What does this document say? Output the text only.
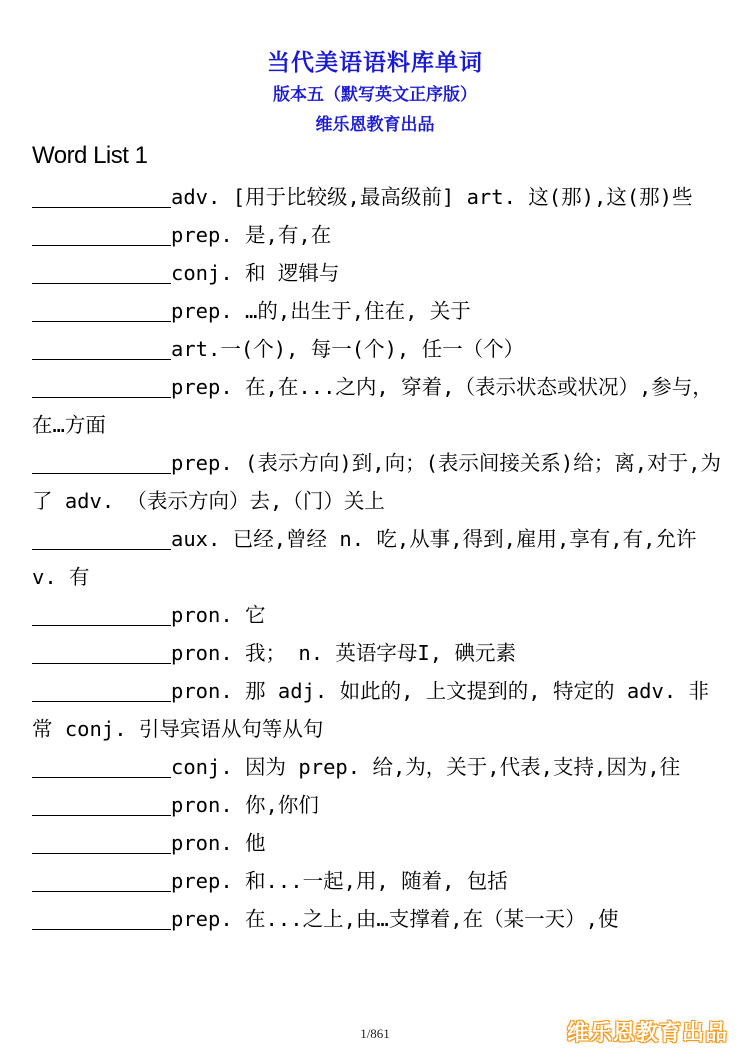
当代美语语料库单词
版本五（默写英文正序版）
维乐恩教育出品
Word List 1

adv. [用于比较级,最高级前] art. 这(那),这(那)些

prep. 是,有,在

conj. 和 逻辑与

prep. …的,出生于,住在, 关于

art.一(个), 每一(个), 任一（个）

prep. 在,在...之内, 穿着,（表示状态或状况）,参与，在…方面

prep. (表示方向)到,向；(表示间接关系)给；离,对于,为了 adv. （表示方向）去,（门）关上

aux. 已经,曾经 n. 吃,从事,得到,雇用,享有,有,允许 v. 有

pron. 它

pron. 我； n. 英语字母I, 碘元素

pron. 那 adj. 如此的, 上文提到的, 特定的 adv. 非常 conj. 引导宾语从句等从句

conj. 因为 prep. 给,为，关于,代表,支持,因为,往

pron. 你,你们

pron. 他

prep. 和...一起,用, 随着, 包括

prep. 在...之上,由…支撑着,在（某一天）,使

1/861	维乐恩教育出品
